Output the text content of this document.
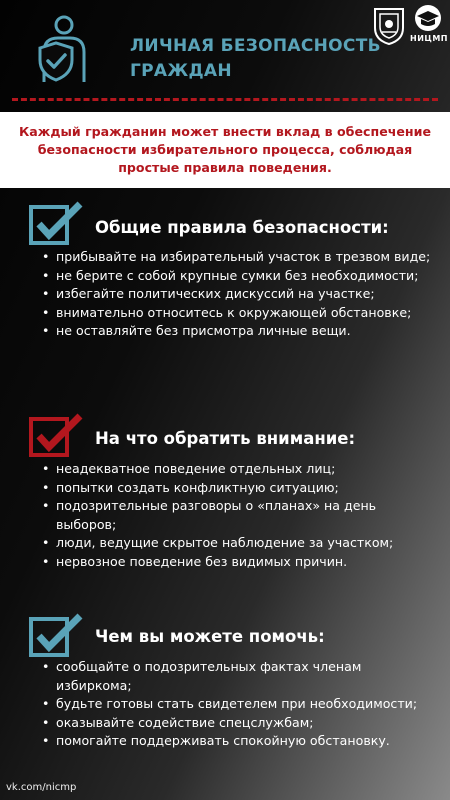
ЛИЧНАЯ БЕЗОПАСНОСТЬ
ГРАЖДАН
НИЦМП
Каждый гражданин может внести вклад в обеспечение безопасности избирательного процесса, соблюдая простые правила поведения.
Общие правила безопасности:
• прибывайте на избирательный участок в трезвом виде;
• не берите с собой крупные сумки без необходимости;
• избегайте политических дискуссий на участке;
• внимательно относитесь к окружающей обстановке;
• не оставляйте без присмотра личные вещи.
На что обратить внимание:
• неадекватное поведение отдельных лиц;
• попытки создать конфликтную ситуацию;
• подозрительные разговоры о «планах» на день выборов;
• люди, ведущие скрытое наблюдение за участком;
• нервозное поведение без видимых причин.
Чем вы можете помочь:
• сообщайте о подозрительных фактах членам избиркома;
• будьте готовы стать свидетелем при необходимости;
• оказывайте содействие спецслужбам;
• помогайте поддерживать спокойную обстановку.
vk.com/nicmp
